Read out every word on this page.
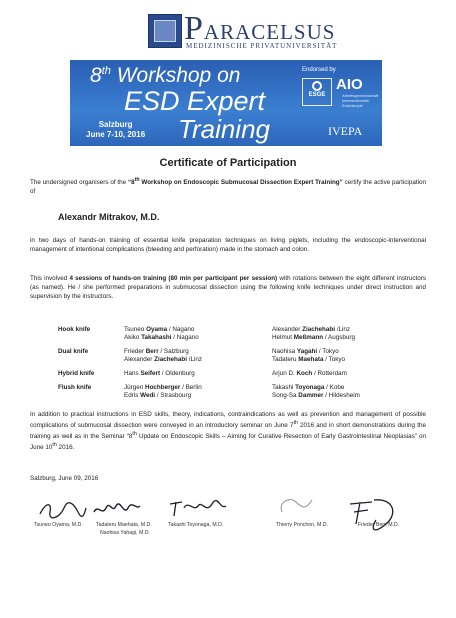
PARACELSUS
MEDIZINISCHE PRIVATUNIVERSITÄT
8th Workshop on
ESD Expert
Training
Salzburg
June 7-10, 2016
Endorsed by
ESGE
AIO
Arbeitsgemeinschaft Interventionelle Endoskopie
IVEPA
Certificate of Participation
The undersigned organisers of the “8th Workshop on Endoscopic Submucosal Dissection Expert Training” certify the active participation of
Alexandr Mitrakov, M.D.
in two days of hands-on training of essential knife preparation techniques on living piglets, including the endoscopic-interventional management of intentional complications (bleeding and perforation) made in the stomach and colon.
This involved 4 sessions of hands-on training (80 min per participant per session) with rotations between the eight different instructors (as named). He / she performed preparations in submucosal dissection using the following knife techniques under direct instruction and supervision by the instructors.
Hook knife	Tsuneo Oyama / Nagano	Alexander Ziachehabi /Linz
Akiko Takahashi / Nagano	Helmut Meßmann / Augsburg
Dual knife	Frieder Berr / Salzburg	Naohisa Yagahi / Tokyo
Alexander Ziachehabi /Linz	Tadateru Maehata / Tokyo
Hybrid knife	Hans Seifert / Oldenburg	Arjun D. Koch / Rotterdam
Flush knife	Jürgen Hochberger / Berlin	Takashi Toyonaga / Kobe
Edris Wedi / Strasbourg	Song-Sa Dammer / Hildesheim
In addition to practical instructions in ESD skills, theory, indications, contraindications as well as prevention and management of possible complications of submucosal dissection were conveyed in an introductory seminar on June 7th 2016 and in short demonstrations during the training as well as in the Seminar “8th Update on Endoscopic Skills – Aiming for Curative Resection of Early Gastrointestinal Neoplasias” on June 10th 2016.
Salzburg, June 09, 2016
Tsuneo Oyama, M.D.	Tadateru Maehata, M.D.
Naohisa Yahagi, M.D.
Takashi Toyonaga, M.D.	Thierry Ponchon, M.D.	Frieder Berr, M.D.
